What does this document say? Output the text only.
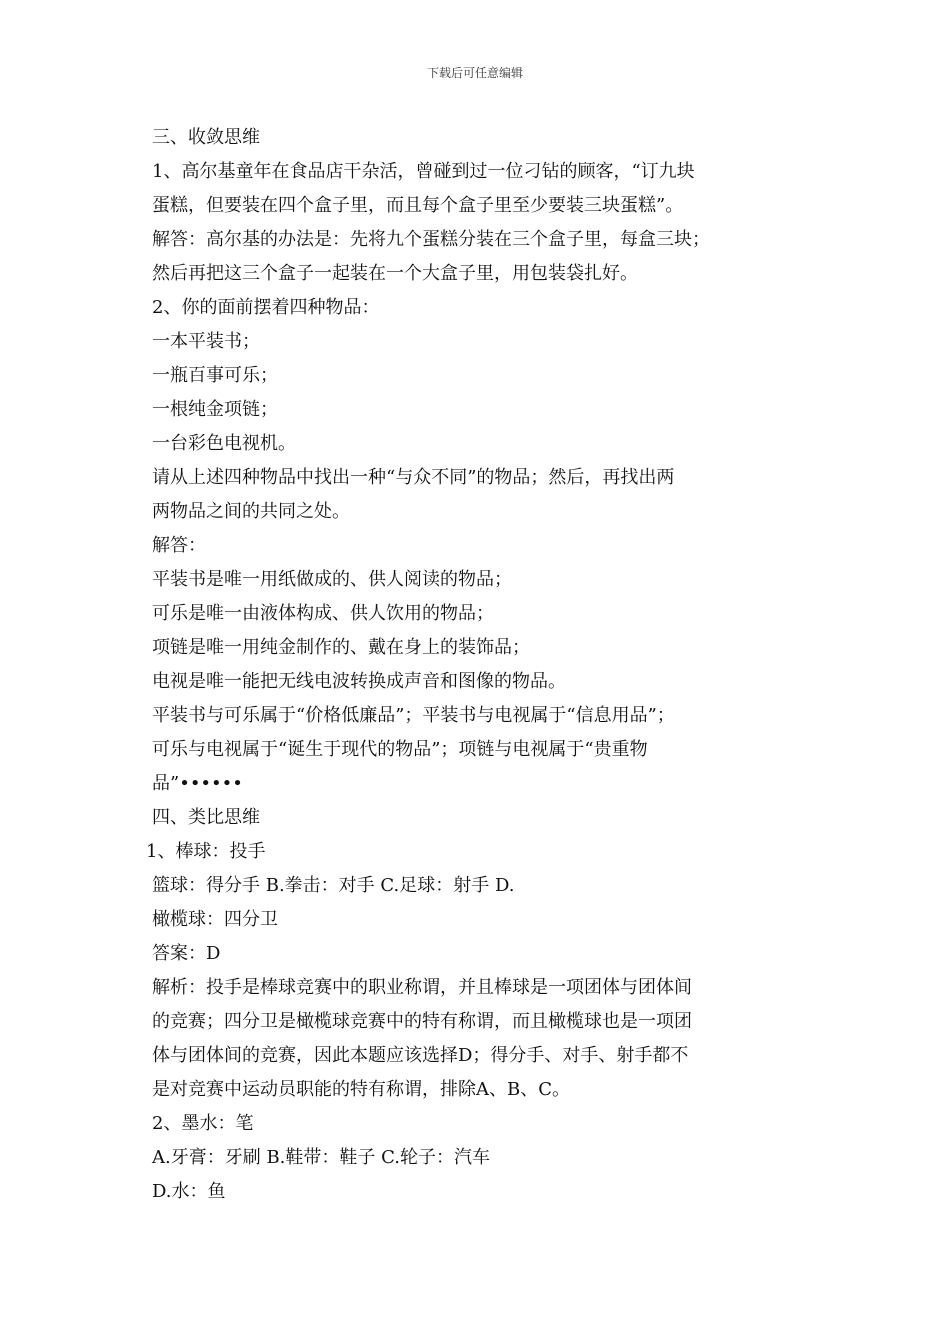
下载后可任意编辑
三、收敛思维
1、高尔基童年在食品店干杂活，曾碰到过一位刁钻的顾客，“订九块
蛋糕，但要装在四个盒子里，而且每个盒子里至少要装三块蛋糕”。
解答：高尔基的办法是：先将九个蛋糕分装在三个盒子里，每盒三块；
然后再把这三个盒子一起装在一个大盒子里，用包装袋扎好。
2、你的面前摆着四种物品：
一本平装书；
一瓶百事可乐；
一根纯金项链；
一台彩色电视机。
请从上述四种物品中找出一种“与众不同”的物品；然后，再找出两
两物品之间的共同之处。
解答：
平装书是唯一用纸做成的、供人阅读的物品；
可乐是唯一由液体构成、供人饮用的物品；
项链是唯一用纯金制作的、戴在身上的装饰品；
电视是唯一能把无线电波转换成声音和图像的物品。
平装书与可乐属于“价格低廉品”；平装书与电视属于“信息用品”；
可乐与电视属于“诞生于现代的物品”；项链与电视属于“贵重物
品”••••••
四、类比思维
1、棒球：投手
篮球：得分手 B.拳击：对手 C.足球：射手 D.
橄榄球：四分卫
答案：D
解析：投手是棒球竞赛中的职业称谓，并且棒球是一项团体与团体间
的竞赛；四分卫是橄榄球竞赛中的特有称谓，而且橄榄球也是一项团
体与团体间的竞赛，因此本题应该选择D；得分手、对手、射手都不
是对竞赛中运动员职能的特有称谓，排除A、B、C。
2、墨水：笔
A.牙膏：牙刷 B.鞋带：鞋子 C.轮子：汽车
D.水：鱼
